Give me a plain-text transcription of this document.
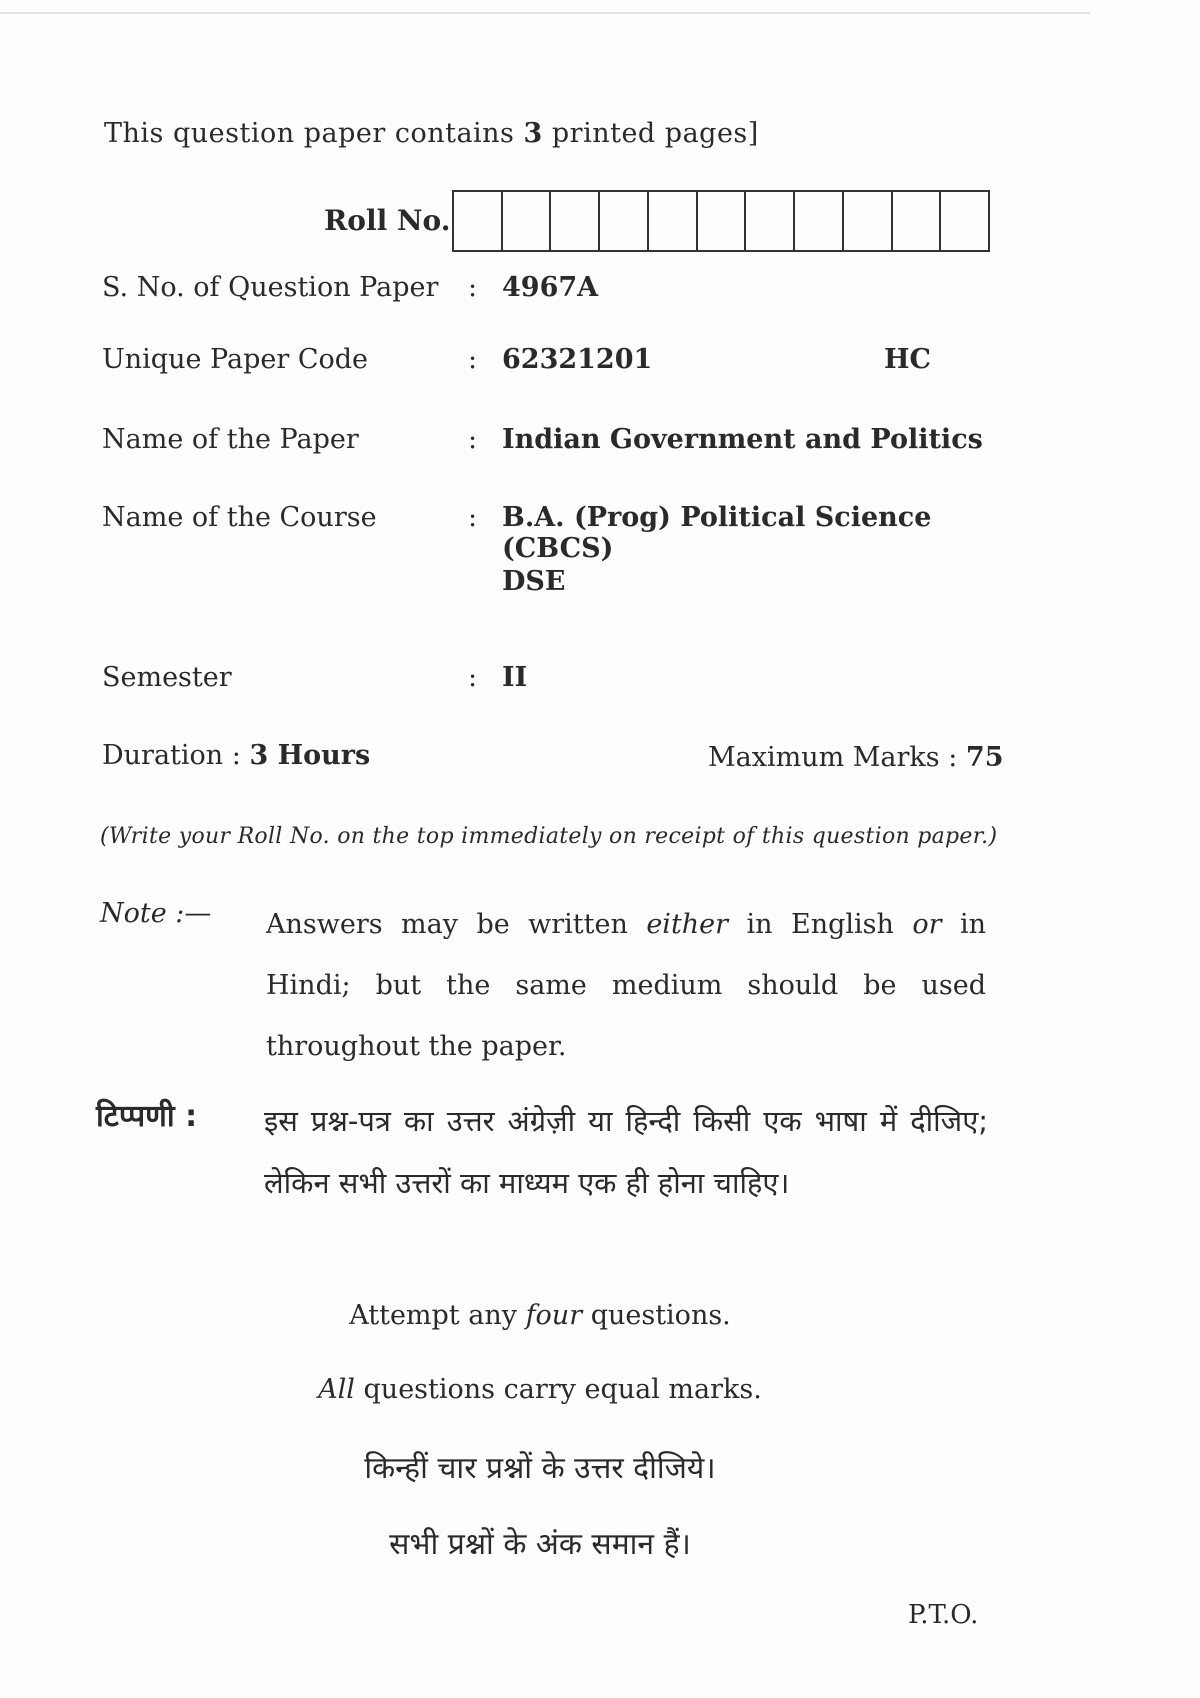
This question paper contains 3 printed pages]
Roll No.
S. No. of Question Paper : 4967A
Unique Paper Code	: 62321201	HC
Name of the Paper	: Indian Government and Politics
Name of the Course	: B.A. (Prog) Political Science (CBCS)
DSE
Semester	: II
Duration : 3 Hours	Maximum Marks : 75
(Write your Roll No. on the top immediately on receipt of this question paper.)
Note :— Answers may be written either in English or in Hindi; but the same medium should be used throughout the paper.
टिप्पणी : इस प्रश्न-पत्र का उत्तर अंग्रेज़ी या हिन्दी किसी एक भाषा में दीजिए; लेकिन सभी उत्तरों का माध्यम एक ही होना चाहिए।
Attempt any four questions.
All questions carry equal marks.
किन्हीं चार प्रश्नों के उत्तर दीजिये।
सभी प्रश्नों के अंक समान हैं।
P.T.O.
